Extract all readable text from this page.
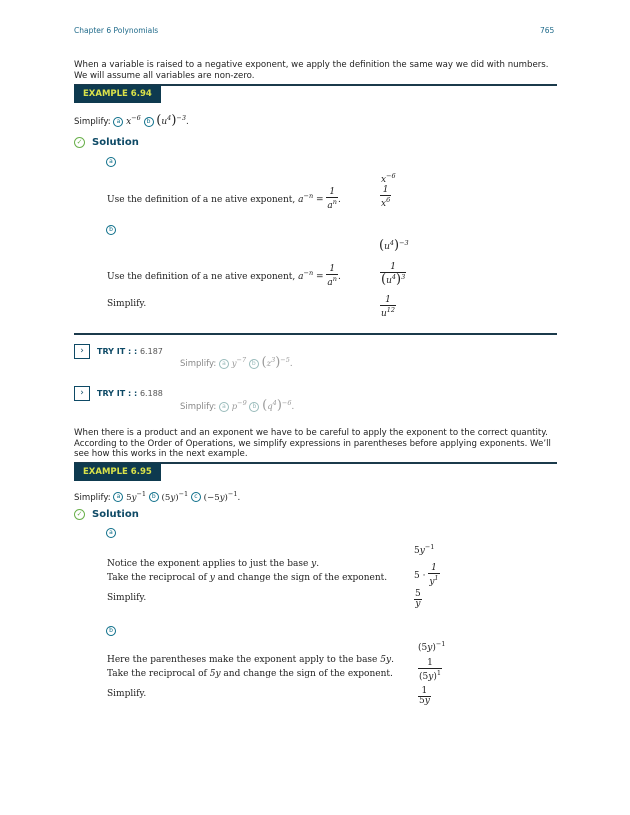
Chapter 6 Polynomials	765
When a variable is raised to a negative exponent, we apply the definition the same way we did with numbers. We will assume all variables are non-zero.
EXAMPLE 6.94
Simplify: a $x^{-6}$ b $(u^4)^{-3}$.
✓ Solution
a
$x^{-6}$
Use the definition of a ne ative exponent, $a^{-n} = \frac{1}{a^n}$ .	$\frac{1}{x^6}$
b
$(u^4)^{-3}$
Use the definition of a ne ative exponent, $a^{-n} = \frac{1}{a^n}$ .	$\frac{1}{(u^4)^3}$
Simplify.	$\frac{1}{u^{12}}$
›	TRY IT : : 6.187
Simplify: a $y^{-7}$ b $(z^3)^{-5}$.
›	TRY IT : : 6.188
Simplify: a $p^{-9}$ b $(q^4)^{-6}$.
When there is a product and an exponent we have to be careful to apply the exponent to the correct quantity. According to the Order of Operations, we simplify expressions in parentheses before applying exponents. We’ll see how this works in the next example.
EXAMPLE 6.95
Simplify: a $5y^{-1}$ b $(5y)^{-1}$ c $(-5y)^{-1}$.
✓ Solution
a
$5y^{-1}$
Notice the exponent applies to just the base y.
Take the reciprocal of y and change the sign of the exponent.	$5 \cdot \frac{1}{y^1}$
Simplify.	$\frac{5}{y}$
b
$(5y)^{-1}$
Here the parentheses make the exponent apply to the base 5y.
Take the reciprocal of 5y and change the sign of the exponent.	$\frac{1}{(5y)^1}$
Simplify.	$\frac{1}{5y}$
